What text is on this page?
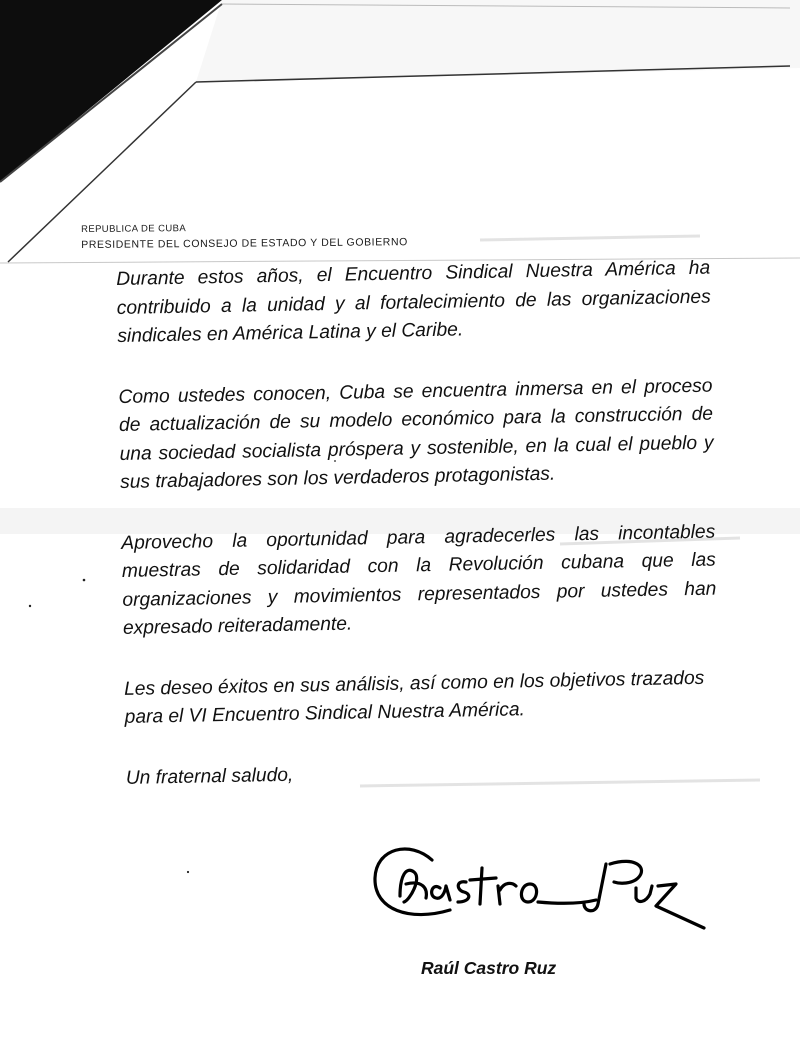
REPUBLICA DE CUBA
PRESIDENTE DEL CONSEJO DE ESTADO Y DEL GOBIERNO

Durante estos años, el Encuentro Sindical Nuestra América ha contribuido a la unidad y al fortalecimiento de las organizaciones sindicales en América Latina y el Caribe.

Como ustedes conocen, Cuba se encuentra inmersa en el proceso de actualización de su modelo económico para la construcción de una sociedad socialista próspera y sostenible, en la cual el pueblo y sus trabajadores son los verdaderos protagonistas.

Aprovecho la oportunidad para agradecerles las incontables muestras de solidaridad con la Revolución cubana que las organizaciones y movimientos representados por ustedes han expresado reiteradamente.

Les deseo éxitos en sus análisis, así como en los objetivos trazados para el VI Encuentro Sindical Nuestra América.

Un fraternal saludo,

Raúl Castro Ruz
